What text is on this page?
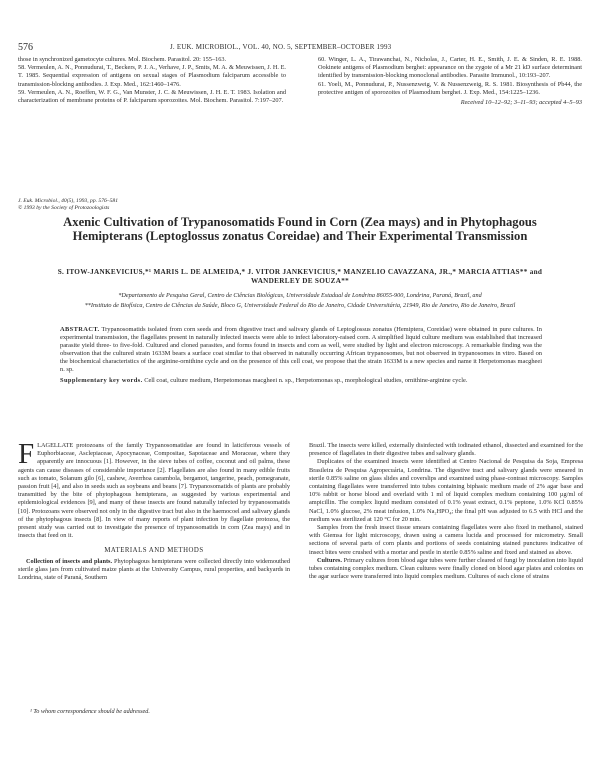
576	J. EUK. MICROBIOL., VOL. 40, NO. 5, SEPTEMBER–OCTOBER 1993

those in synchronized gametocyte cultures. Mol. Biochem. Parasitol. 20: 155–163.

58. Vermeulen, A. N., Ponnudurai, T., Beckers, P. J. A., Verhave, J. P., Smits, M. A. & Meuwissen, J. H. E. T. 1985. Sequential expression of antigens on sexual stages of Plasmodium falciparum accessible to transmission-blocking antibodies. J. Exp. Med., 162:1460–1476.

59. Vermeulen, A. N., Roeffen, W. F. G., Van Munster, J. C. & Meuwissen, J. H. E. T. 1983. Isolation and characterization of membrane proteins of P. falciparum sporozoites. Mol. Biochem. Parasitol. 7:197–207.

60. Winger, L. A., Tirawanchai, N., Nicholas, J., Carter, H. E., Smith, J. E. & Sinden, R. E. 1988. Ookinete antigens of Plasmodium berghei: appearance on the zygote of a Mr 21 kD surface determinant identified by transmission-blocking monoclonal antibodies. Parasite Immunol., 10:193–207.

61. Yoeli, M., Ponnudurai, P., Nussenzweig, V. & Nussenzweig, R. S. 1981. Biosynthesis of Pb44, the protective antigen of sporozoites of Plasmodium berghei. J. Exp. Med., 154:1225–1236.

Received 10–12–92; 3–11–93; accepted 4–5–93

J. Euk. Microbiol., 40(5), 1993, pp. 576–581
© 1993 by the Society of Protozoologists
Axenic Cultivation of Trypanosomatids Found in Corn (Zea mays) and in Phytophagous Hemipterans (Leptoglossus zonatus Coreidae) and Their Experimental Transmission
S. ITOW-JANKEVICIUS,*¹ MARIS L. DE ALMEIDA,* J. VITOR JANKEVICIUS,* MANZELIO CAVAZZANA, JR.,* MARCIA ATTIAS** and WANDERLEY DE SOUZA**

*Departamento de Pesquisa Geral, Centro de Ciências Biológicas, Universidade Estadual de Londrina 86055-900, Londrina, Paraná, Brazil, and

**Instituto de Biofísica, Centro de Ciências da Saúde, Bloco G, Universidade Federal do Rio de Janeiro, Cidade Universitária, 21949, Rio de Janeiro, Rio de Janeiro, Brazil

ABSTRACT. Trypanosomatids isolated from corn seeds and from digestive tract and salivary glands of Leptoglossus zonatus (Hemiptera, Coreidae) were obtained in pure cultures. In experimental transmission, the flagellates present in naturally infected insects were able to infect laboratory-raised corn. A simplified liquid culture medium was established that increased parasite yield three- to five-fold. Cultured and cloned parasites, and forms found in insects and corn as well, were studied by light and electron microscopy. A remarkable finding was the observation that the cultured strain 1633M bears a surface coat similar to that observed in naturally occurring African trypanosomes, but not observed in trypanosomes in vitro. Based on the biochemical characteristics of the arginine-ornithine cycle and on the presence of this cell coat, we propose that the strain 1633M is a new species and name it Herpetomonas macgheei n. sp.

Supplementary key words. Cell coat, culture medium, Herpetomonas macgheei n. sp., Herpetomonas sp., morphological studies, ornithine-arginine cycle.

FLAGELLATE protozoans of the family Trypanosomatidae are found in laticiferous vessels of Euphorbiaceae, Asclepiaceae, Apocynaceae, Compositae, Sapotaceae and Moraceae, where they apparently are innocuous [1]. However, in the sieve tubes of coffee, coconut and oil palms, these agents can cause diseases of considerable importance [2]. Flagellates are also found in many edible fruits such as tomato, Solanum gilo [6], cashew, Averrhoa carambola, bergamot, tangerine, peach, pomegranate, passion fruit [4], and also in seeds such as soybeans and beans [7]. Trypanosomatids of plants are probably transmitted by the bite of phytophagous hemipterans, as suggested by various experimental and epidemiological evidences [9], and many of these insects are found naturally infected by trypanosomatids [10]. Protozoans were observed not only in the digestive tract but also in the haemocoel and salivary glands of the phytophagous insects [8]. In view of many reports of plant infection by flagellate protozoa, the present study was carried out to investigate the presence of trypanosomatids in corn (Zea mays) and in insects that feed on it.

MATERIALS AND METHODS

Collection of insects and plants. Phytophagous hemipterans were collected directly into widemouthed sterile glass jars from cultivated maize plants at the University Campus, rural properties, and backyards in Londrina, state of Paraná, Southern

Brazil. The insects were killed, externally disinfected with iodinated ethanol, dissected and examined for the presence of flagellates in their digestive tubes and salivary glands.

Duplicates of the examined insects were identified at Centro Nacional de Pesquisa da Soja, Empresa Brasileira de Pesquisa Agropecuária, Londrina. The digestive tract and salivary glands were smeared in sterile 0.85% saline on glass slides and coverslips and examined using phase-contrast microscopy. Samples containing flagellates were transferred into tubes containing biphasic medium made of 2% agar base and 10% rabbit or horse blood and overlaid with 1 ml of liquid complex medium containing 100 µg/ml of ampicillin. The complex liquid medium consisted of 0.1% yeast extract, 0.1% peptone, 1.0% KCl 0.85% NaCl, 1.0% glucose, 2% meat infusion, 1.0% Na₂HPO₄; the final pH was adjusted to 6.5 with HCl and the medium was sterilized at 120 °C for 20 min.

Samples from the fresh insect tissue smears containing flagellates were also fixed in methanol, stained with Giemsa for light microscopy, drawn using a camera lucida and processed for micrometry. Small sections of several parts of corn plants and portions of seeds containing stained punctures indicative of insect bites were crushed with a mortar and pestle in sterile 0.85% saline and fixed and stained as above.

Cultures. Primary cultures from blood agar tubes were further cleared of fungi by inoculation into liquid tubes containing complex medium. Clean cultures were finally cloned on blood agar plates and colonies on the agar surface were transferred into liquid complex medium. Cultures of each clone of strains

¹ To whom correspondence should be addressed.
